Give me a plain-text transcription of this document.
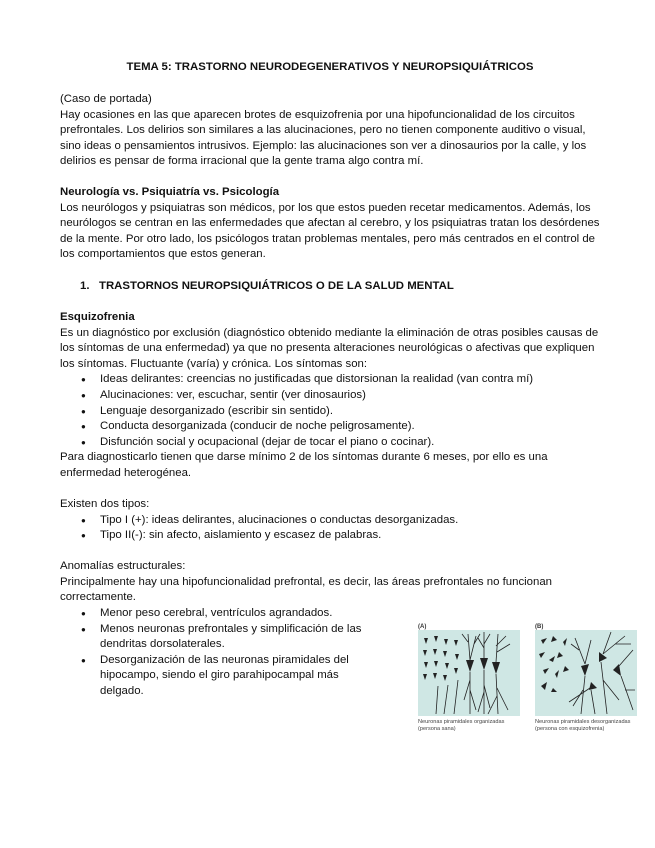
TEMA 5: TRASTORNO NEURODEGENERATIVOS Y NEUROPSIQUIÁTRICOS

(Caso de portada)

Hay ocasiones en las que aparecen brotes de esquizofrenia por una hipofuncionalidad de los circuitos prefrontales. Los delirios son similares a las alucinaciones, pero no tienen componente auditivo o visual, sino ideas o pensamientos intrusivos. Ejemplo: las alucinaciones son ver a dinosaurios por la calle, y los delirios es pensar de forma irracional que la gente trama algo contra mí.

Neurología vs. Psiquiatría vs. Psicología

Los neurólogos y psiquiatras son médicos, por los que estos pueden recetar medicamentos. Además, los neurólogos se centran en las enfermedades que afectan al cerebro, y los psiquiatras tratan los desórdenes de la mente. Por otro lado, los psicólogos tratan problemas mentales, pero más centrados en el control de los comportamientos que estos generan.

1. TRASTORNOS NEUROPSIQUIÁTRICOS O DE LA SALUD MENTAL

Esquizofrenia

Es un diagnóstico por exclusión (diagnóstico obtenido mediante la eliminación de otras posibles causas de los síntomas de una enfermedad) ya que no presenta alteraciones neurológicas o afectivas que expliquen los síntomas. Fluctuante (varía) y crónica. Los síntomas son:

● Ideas delirantes: creencias no justificadas que distorsionan la realidad (van contra mí)
● Alucinaciones: ver, escuchar, sentir (ver dinosaurios)
● Lenguaje desorganizado (escribir sin sentido).
● Conducta desorganizada (conducir de noche peligrosamente).
● Disfunción social y ocupacional (dejar de tocar el piano o cocinar).

Para diagnosticarlo tienen que darse mínimo 2 de los síntomas durante 6 meses, por ello es una enfermedad heterogénea.

Existen dos tipos:

● Tipo I (+): ideas delirantes, alucinaciones o conductas desorganizadas.
● Tipo II(-): sin afecto, aislamiento y escasez de palabras.

Anomalías estructurales:

Principalmente hay una hipofuncionalidad prefrontal, es decir, las áreas prefrontales no funcionan correctamente.

● Menor peso cerebral, ventrículos agrandados.
● Menos neuronas prefrontales y simplificación de las dendritas dorsolaterales.
● Desorganización de las neuronas piramidales del hipocampo, siendo el giro parahipocampal más delgado.
(A)	(B)
Neuronas piramidales organizadas (persona sana)
Neuronas piramidales desorganizadas (persona con esquizofrenia)
